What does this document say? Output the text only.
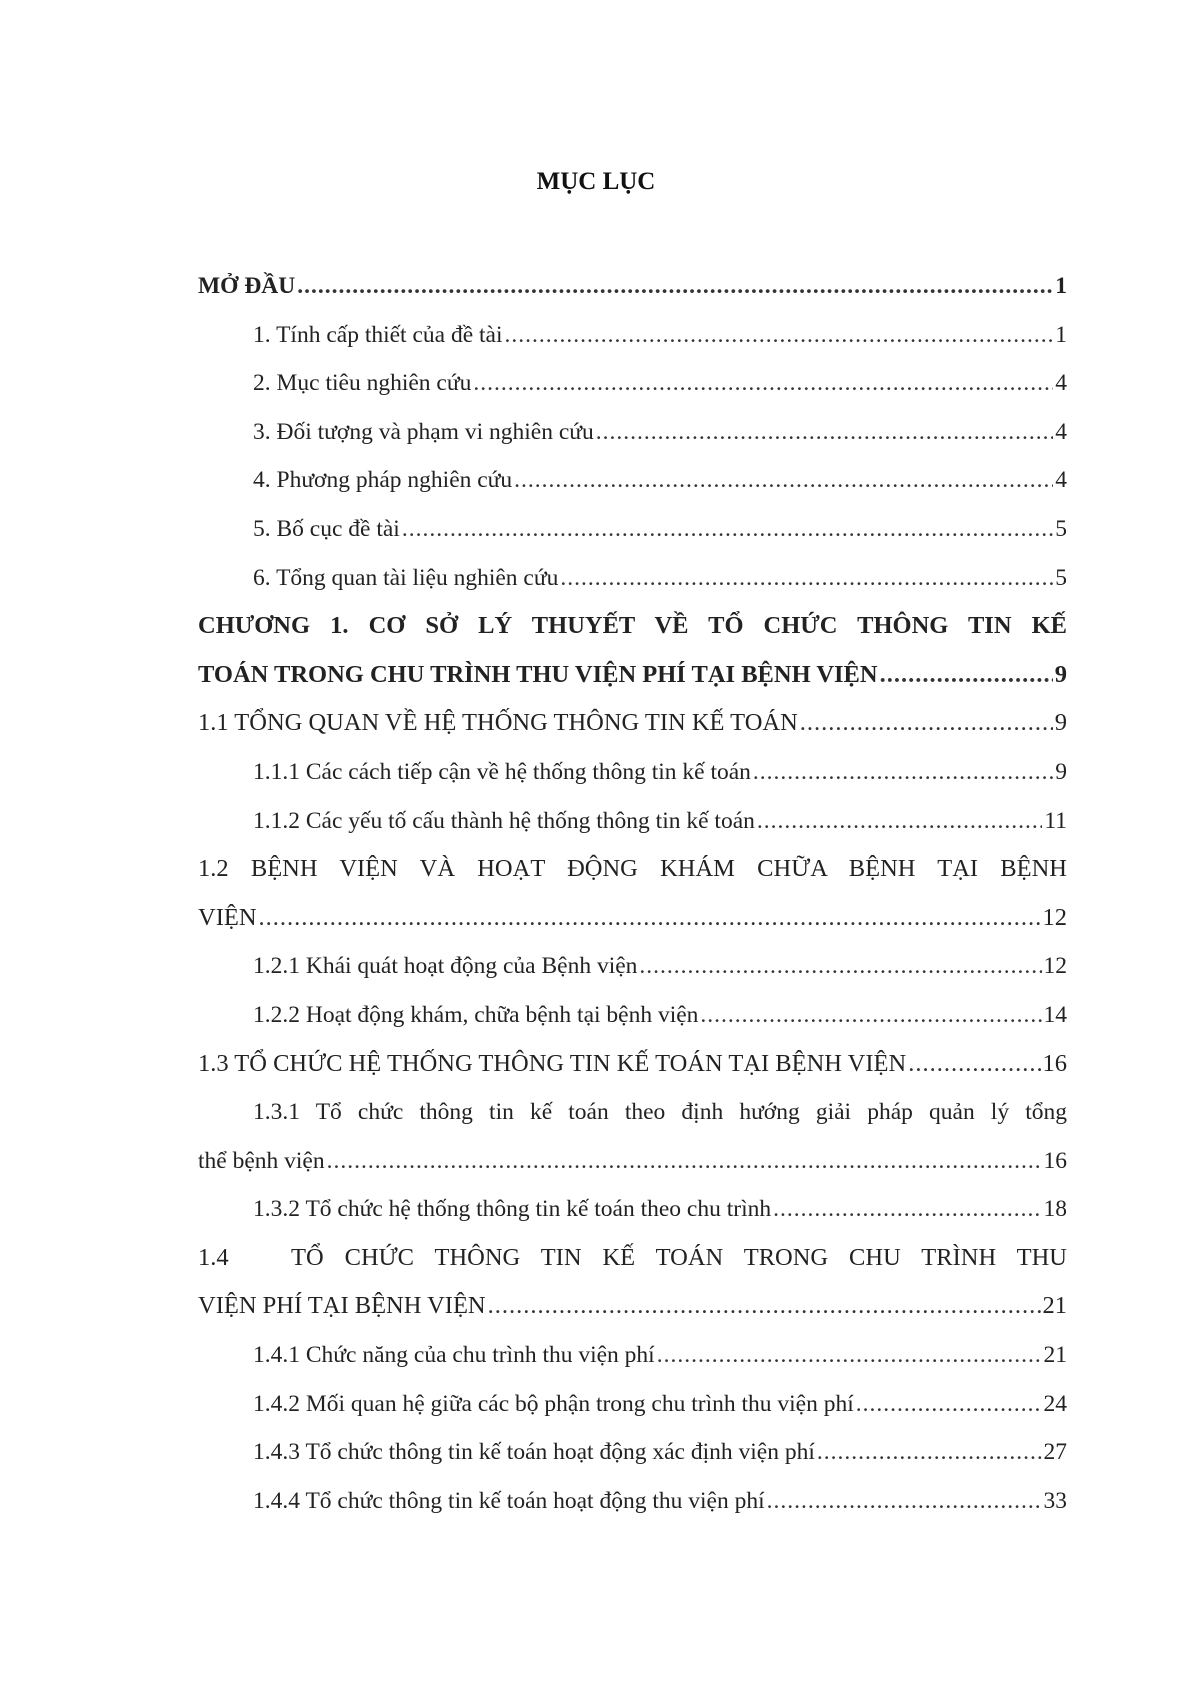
MỤC LỤC
MỞ ĐẦU .....	1
1. Tính cấp thiết của đề tài .....	1
2. Mục tiêu nghiên cứu .....	4
3. Đối tượng và phạm vi nghiên cứu .....	4
4. Phương pháp nghiên cứu .....	4
5. Bố cục đề tài .....	5
6. Tổng quan tài liệu nghiên cứu .....	5
CHƯƠNG 1. CƠ SỞ LÝ THUYẾT VỀ TỔ CHỨC THÔNG TIN KẾ
TOÁN TRONG CHU TRÌNH THU VIỆN PHÍ TẠI BỆNH VIỆN .....	9
1.1 TỔNG QUAN VỀ HỆ THỐNG THÔNG TIN KẾ TOÁN .....	9
1.1.1 Các cách tiếp cận về hệ thống thông tin kế toán .....	9
1.1.2 Các yếu tố cấu thành hệ thống thông tin kế toán .....	11
1.2 BỆNH VIỆN VÀ HOẠT ĐỘNG KHÁM CHỮA BỆNH TẠI BỆNH
VIỆN .....	12
1.2.1 Khái quát hoạt động của Bệnh viện .....	12
1.2.2 Hoạt động khám, chữa bệnh tại bệnh viện .....	14
1.3 TỔ CHỨC HỆ THỐNG THÔNG TIN KẾ TOÁN TẠI BỆNH VIỆN .....	16
1.3.1 Tổ chức thông tin kế toán theo định hướng giải pháp quản lý tổng
thể bệnh viện .....	16
1.3.2 Tổ chức hệ thống thông tin kế toán theo chu trình .....	18
1.4   TỔ CHỨC THÔNG TIN KẾ TOÁN TRONG CHU TRÌNH THU
VIỆN PHÍ TẠI BỆNH VIỆN .....	21
1.4.1 Chức năng của chu trình thu viện phí .....	21
1.4.2 Mối quan hệ giữa các bộ phận trong chu trình thu viện phí .....	24
1.4.3 Tổ chức thông tin kế toán hoạt động xác định viện phí .....	27
1.4.4 Tổ chức thông tin kế toán hoạt động thu viện phí .....	33
